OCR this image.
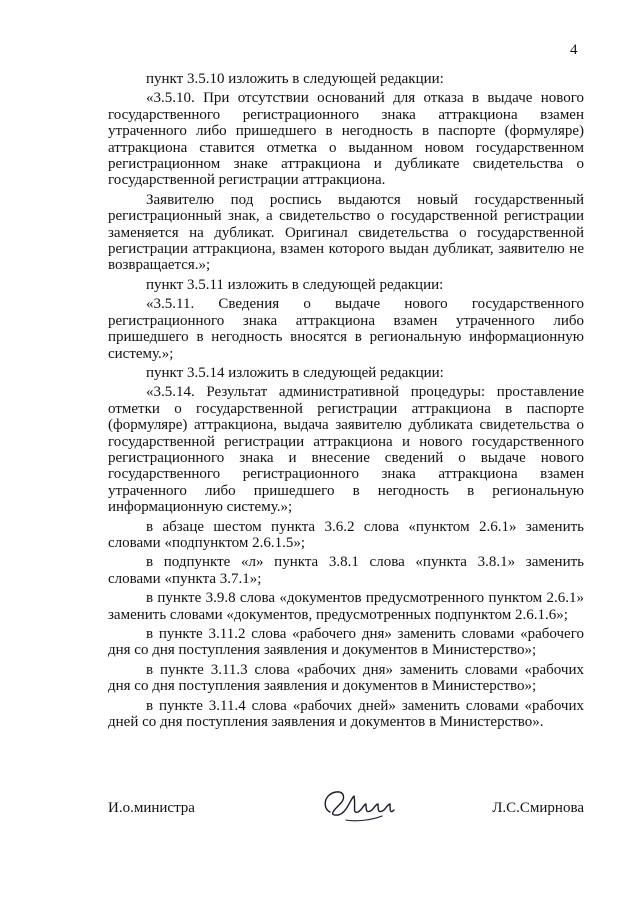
4

пункт 3.5.10 изложить в следующей редакции:

«3.5.10. При отсутствии оснований для отказа в выдаче нового государственного регистрационного знака аттракциона взамен утраченного либо пришедшего в негодность в паспорте (формуляре) аттракциона ставится отметка о выданном новом государственном регистрационном знаке аттракциона и дубликате свидетельства о государственной регистрации аттракциона.

Заявителю под роспись выдаются новый государственный регистрационный знак, а свидетельство о государственной регистрации заменяется на дубликат. Оригинал свидетельства о государственной регистрации аттракциона, взамен которого выдан дубликат, заявителю не возвращается.»;

пункт 3.5.11 изложить в следующей редакции:

«3.5.11. Сведения о выдаче нового государственного регистрационного знака аттракциона взамен утраченного либо пришедшего в негодность вносятся в региональную информационную систему.»;

пункт 3.5.14 изложить в следующей редакции:

«3.5.14. Результат административной процедуры: проставление отметки о государственной регистрации аттракциона в паспорте (формуляре) аттракциона, выдача заявителю дубликата свидетельства о государственной регистрации аттракциона и нового государственного регистрационного знака и внесение сведений о выдаче нового государственного регистрационного знака аттракциона взамен утраченного либо пришедшего в негодность в региональную информационную систему.»;

в абзаце шестом пункта 3.6.2 слова «пунктом 2.6.1» заменить словами «подпунктом 2.6.1.5»;

в подпункте «л» пункта 3.8.1 слова «пункта 3.8.1» заменить словами «пункта 3.7.1»;

в пункте 3.9.8 слова «документов предусмотренного пунктом 2.6.1» заменить словами «документов, предусмотренных подпунктом 2.6.1.6»;

в пункте 3.11.2 слова «рабочего дня» заменить словами «рабочего дня со дня поступления заявления и документов в Министерство»;

в пункте 3.11.3 слова «рабочих дня» заменить словами «рабочих дня со дня поступления заявления и документов в Министерство»;

в пункте 3.11.4 слова «рабочих дней» заменить словами «рабочих дней со дня поступления заявления и документов в Министерство».

И.о.министра	Л.С.Смирнова
